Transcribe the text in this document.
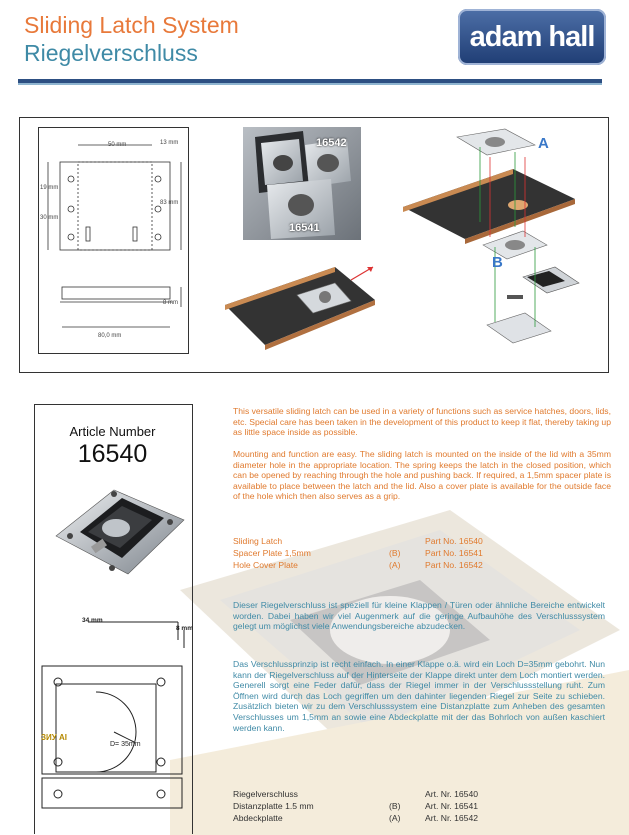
Sliding Latch System
Riegelverschluss	adam hall
50 mm
19 mm
30 mm
83 mm
13 mm
8 mm
80,0 mm
16542
16541
A
B
Article Number
16540
34 mm
8 mm
D= 35mm
ЗИУ АI
This versatile sliding latch can be used in a variety of functions such as service hatches, doors, lids, etc. Special care has been taken in the development of this product to keep it flat, thereby taking up as little space inside as possible.
Mounting and function are easy. The sliding latch is mounted on the inside of the lid with a 35mm diameter hole in the appropriate location. The spring keeps the latch in the closed position, which can be opened by reaching through the hole and pushing back. If required, a 1,5mm spacer plate is available to place between the latch and the lid. Also a cover plate is available for the outside face of the hole which then also serves as a grip.
Sliding Latch	Part No. 16540
Spacer Plate 1,5mm	(B)	Part No. 16541
Hole Cover Plate	(A)	Part No. 16542
Dieser Riegelverschluss ist speziell für kleine Klappen / Türen oder ähnliche Bereiche entwickelt worden. Dabei haben wir viel Augenmerk auf die geringe Aufbauhöhe des Verschlusssystem gelegt um möglichst viele Anwendungsbereiche abzudecken.
Das Verschlussprinzip ist recht einfach. In einer Klappe o.ä. wird ein Loch D=35mm gebohrt. Nun kann der Riegelverschluss auf der Hinterseite der Klappe direkt unter dem Loch montiert werden. Generell sorgt eine Feder dafür, dass der Riegel immer in der Verschlussstellung ruht. Zum Öffnen wird durch das Loch gegriffen um den dahinter liegenden Riegel zur Seite zu schieben. Zusätzlich bieten wir zu dem Verschlusssystem eine Distanzplatte zum Anheben des gesamten Verschlusses um 1,5mm an sowie eine Abdeckplatte mit der das Bohrloch von außen kaschiert werden kann.
Riegelverschluss	Art. Nr. 16540
Distanzplatte 1.5 mm	(B)	Art. Nr. 16541
Abdeckplatte	(A)	Art. Nr. 16542
